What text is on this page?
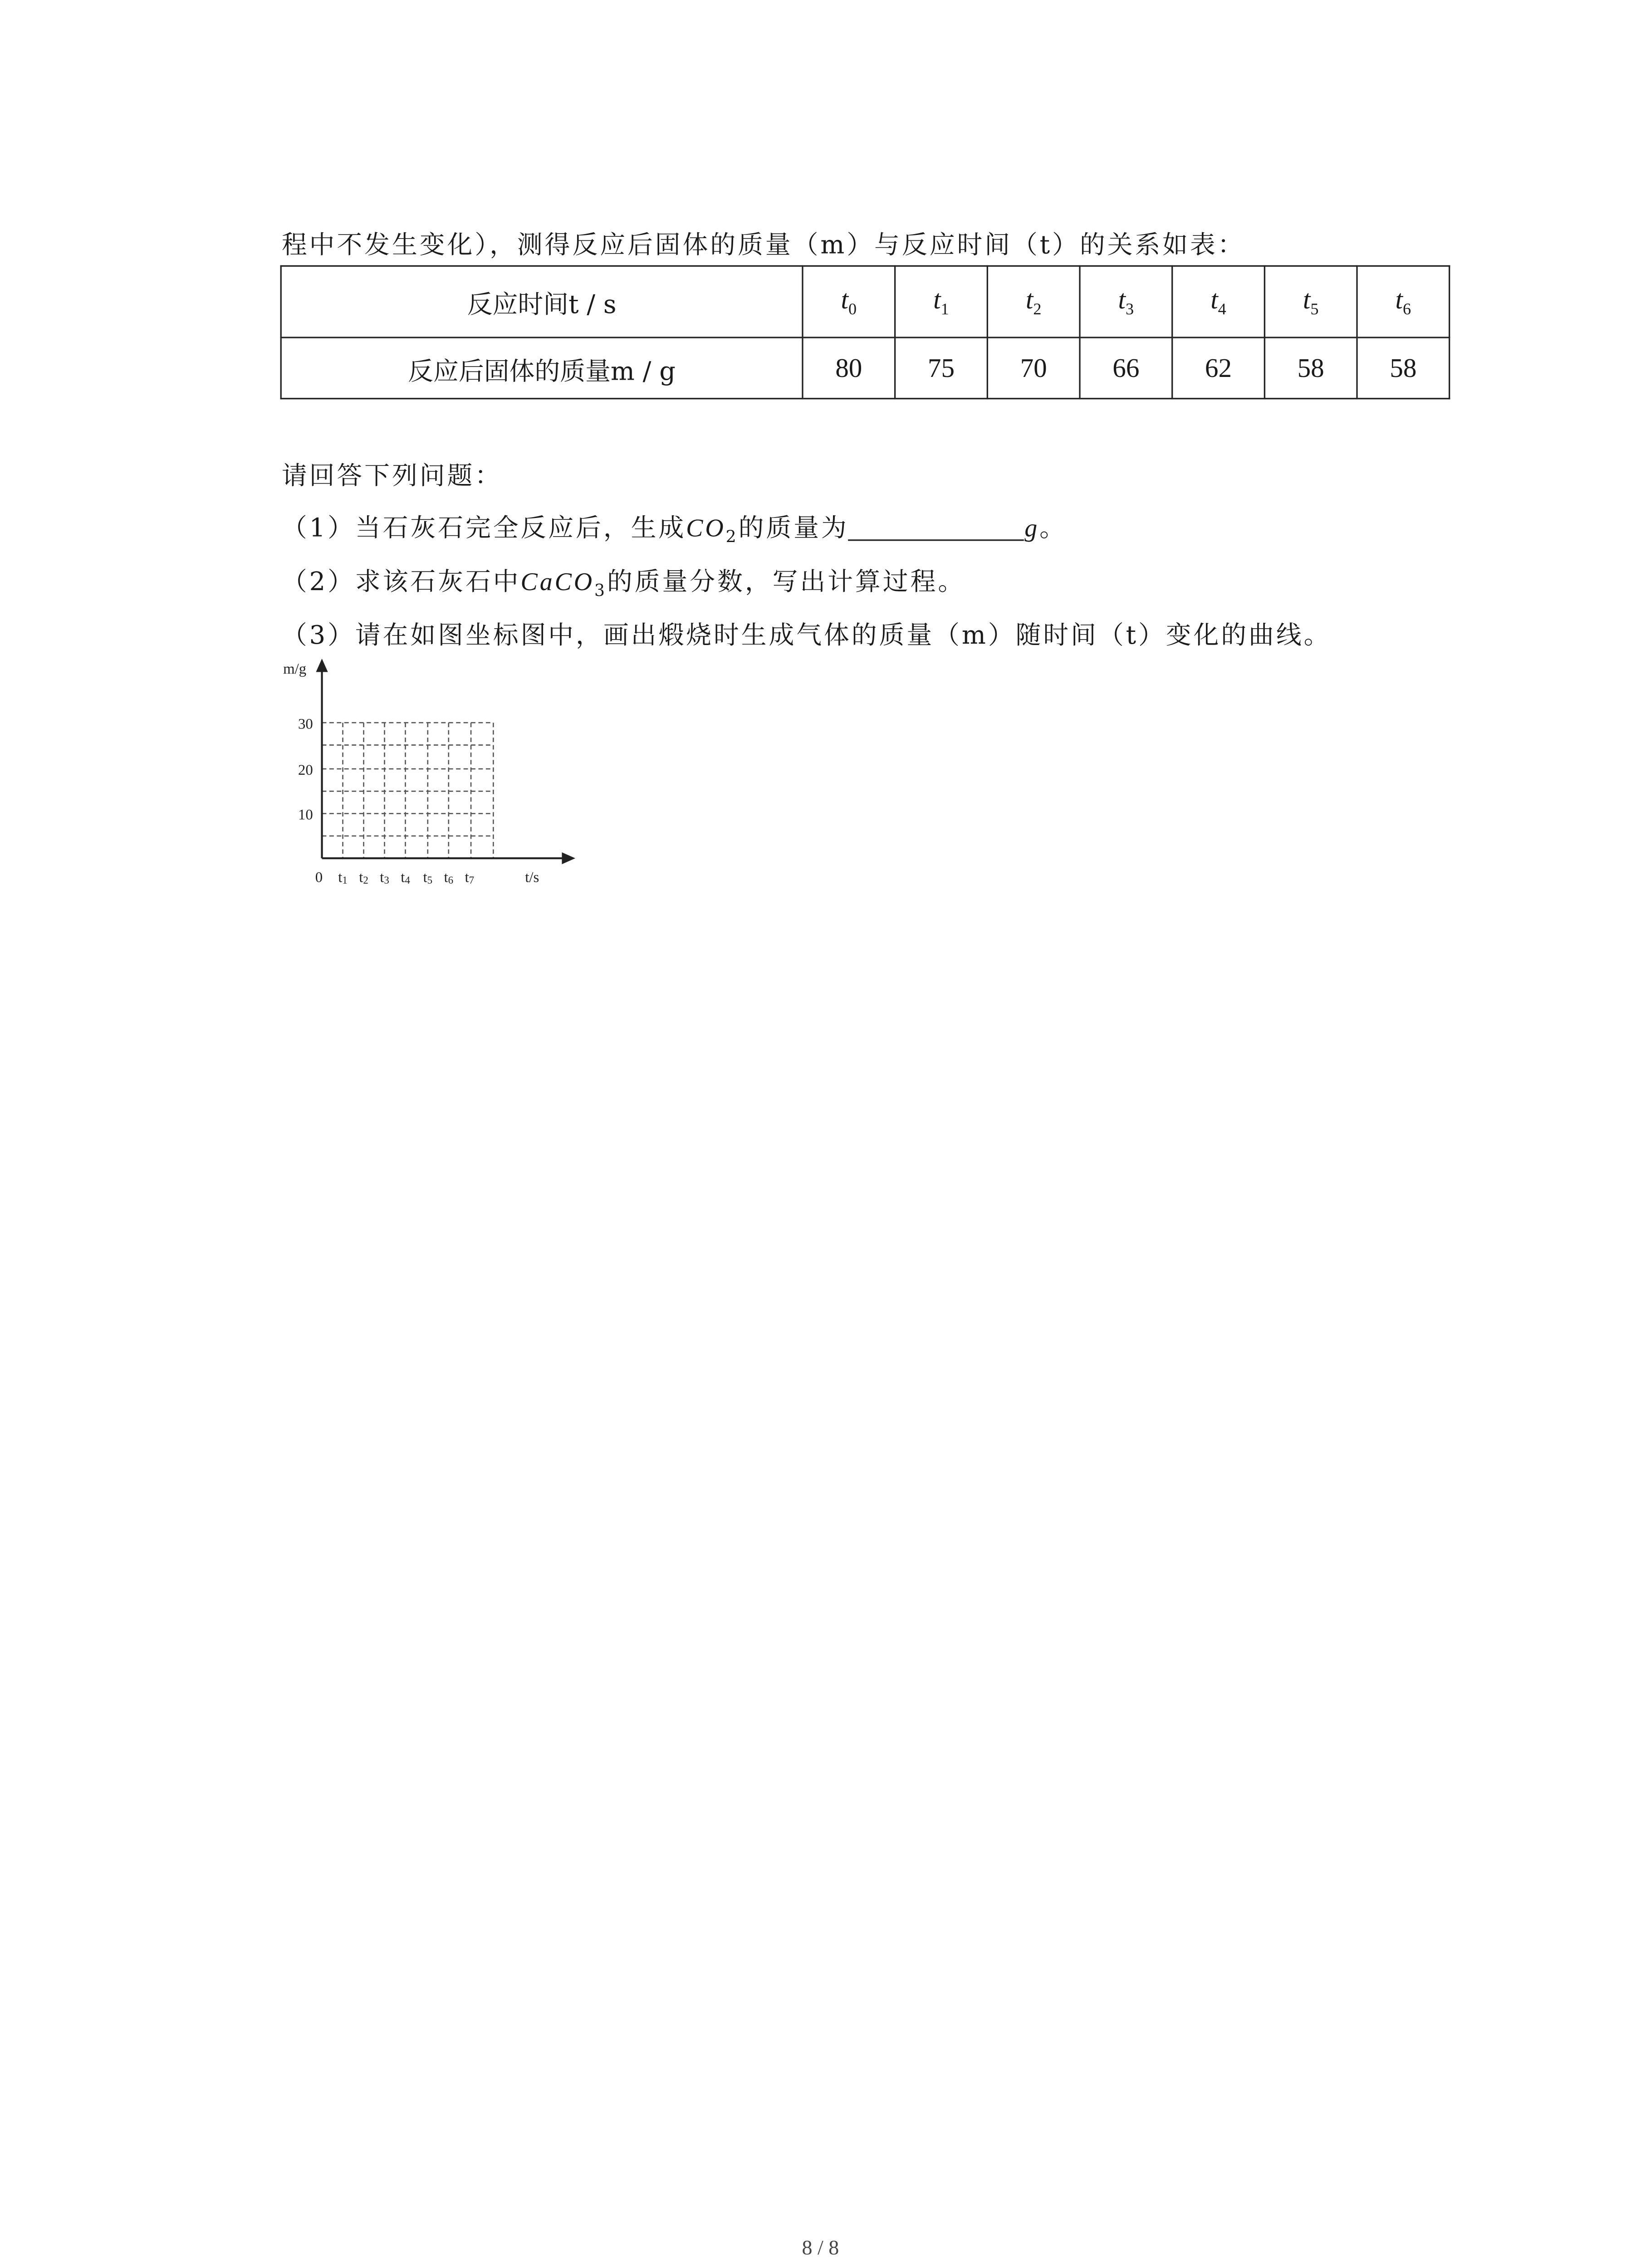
程中不发生变化），测得反应后固体的质量（m）与反应时间（t）的关系如表：
反应时间t / s	$t_0$	$t_1$	$t_2$	$t_3$	$t_4$	$t_5$	$t_6$
反应后固体的质量m / g	80	75	70	66	62	58	58
请回答下列问题：
（1）当石灰石完全反应后，生成$CO_2$的质量为	g。
（2）求该石灰石中CaCO$_3$的质量分数，写出计算过程。
（3）请在如图坐标图中，画出煅烧时生成气体的质量（m）随时间（t）变化的曲线。
m/g
30
20
10
0	t1	t2	t3	t4	t5	t6	t7	t/s
8 / 8
